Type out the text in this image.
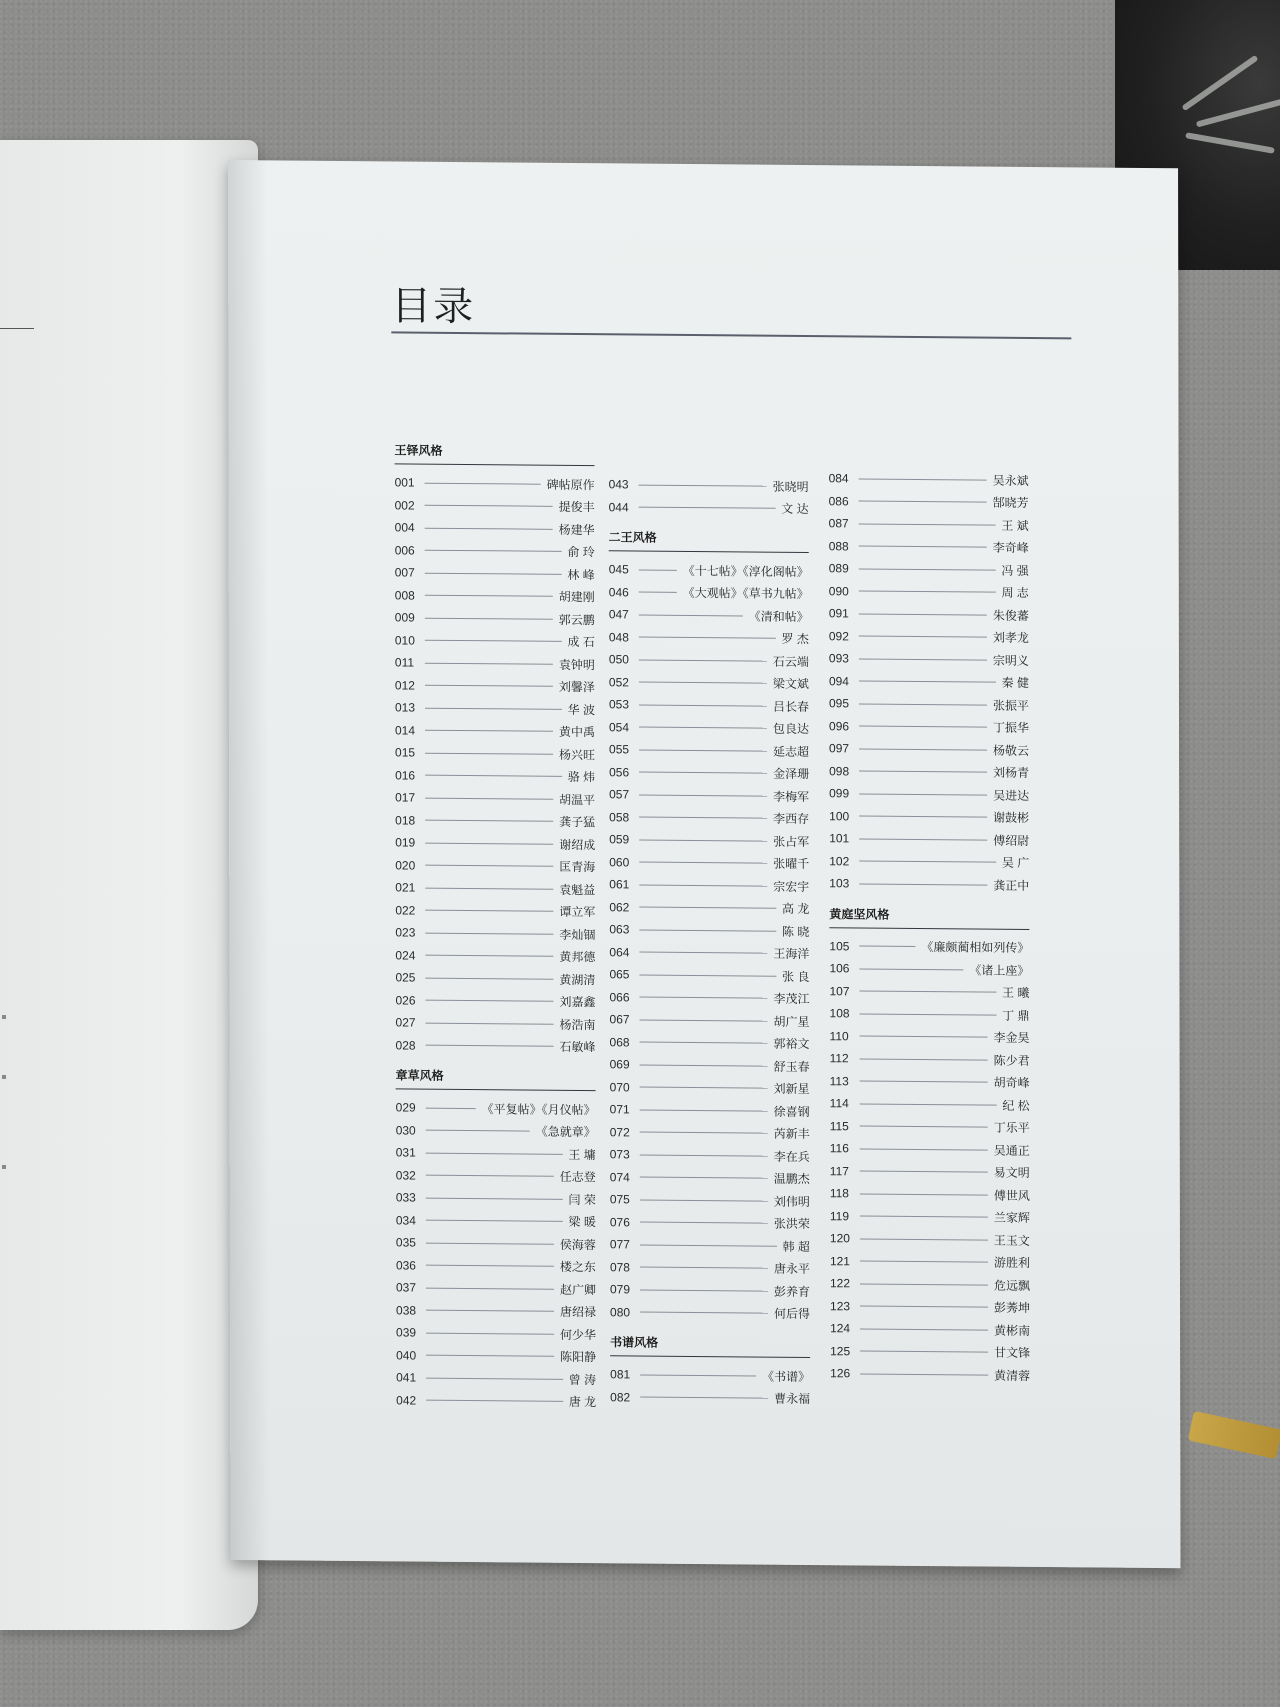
目录
王铎风格
001	碑帖原作
002	提俊丰
004	杨建华
006	俞 玲
007	林 峰
008	胡建刚
009	郭云鹏
010	成 石
011	袁钟明
012	刘馨泽
013	华 波
014	黄中禹
015	杨兴旺
016	骆 炜
017	胡温平
018	龚子猛
019	谢绍成
020	匡青海
021	袁魁益
022	谭立军
023	李灿锢
024	黄邦德
025	黄湖清
026	刘嘉鑫
027	杨浩南
028	石敏峰
章草风格
029	《平复帖》《月仪帖》
030	《急就章》
031	王 墉
032	任志登
033	闫 荣
034	梁 暖
035	侯海蓉
036	楼之东
037	赵广卿
038	唐绍禄
039	何少华
040	陈阳静
041	曾 涛
042	唐 龙
043	张晓明
044	文 达
二王风格
045	《十七帖》《淳化阁帖》
046	《大观帖》《草书九帖》
047	《清和帖》
048	罗 杰
050	石云端
052	梁文斌
053	吕长春
054	包良达
055	延志超
056	金泽珊
057	李梅军
058	李西存
059	张占军
060	张曜千
061	宗宏宇
062	高 龙
063	陈 晓
064	王海洋
065	张 良
066	李茂江
067	胡广星
068	郭裕文
069	舒玉春
070	刘新星
071	徐喜钢
072	芮新丰
073	李在兵
074	温鹏杰
075	刘伟明
076	张洪荣
077	韩 超
078	唐永平
079	彭养育
080	何后得
书谱风格
081	《书谱》
082	曹永福
084	吴永斌
086	郜晓芳
087	王 斌
088	李奇峰
089	冯 强
090	周 志
091	朱俊蕃
092	刘孝龙
093	宗明义
094	秦 健
095	张振平
096	丁振华
097	杨敬云
098	刘杨青
099	吴进达
100	谢鼓彬
101	傅绍尉
102	吴 广
103	龚正中
黄庭坚风格
105	《廉颇蔺相如列传》
106	《诸上座》
107	王 曦
108	丁 鼎
110	李金昊
112	陈少君
113	胡奇峰
114	纪 松
115	丁乐平
116	吴通正
117	易文明
118	傅世风
119	兰家辉
120	王玉文
121	游胜利
122	危远飘
123	彭莠坤
124	黄彬南
125	甘文锋
126	黄清蓉
